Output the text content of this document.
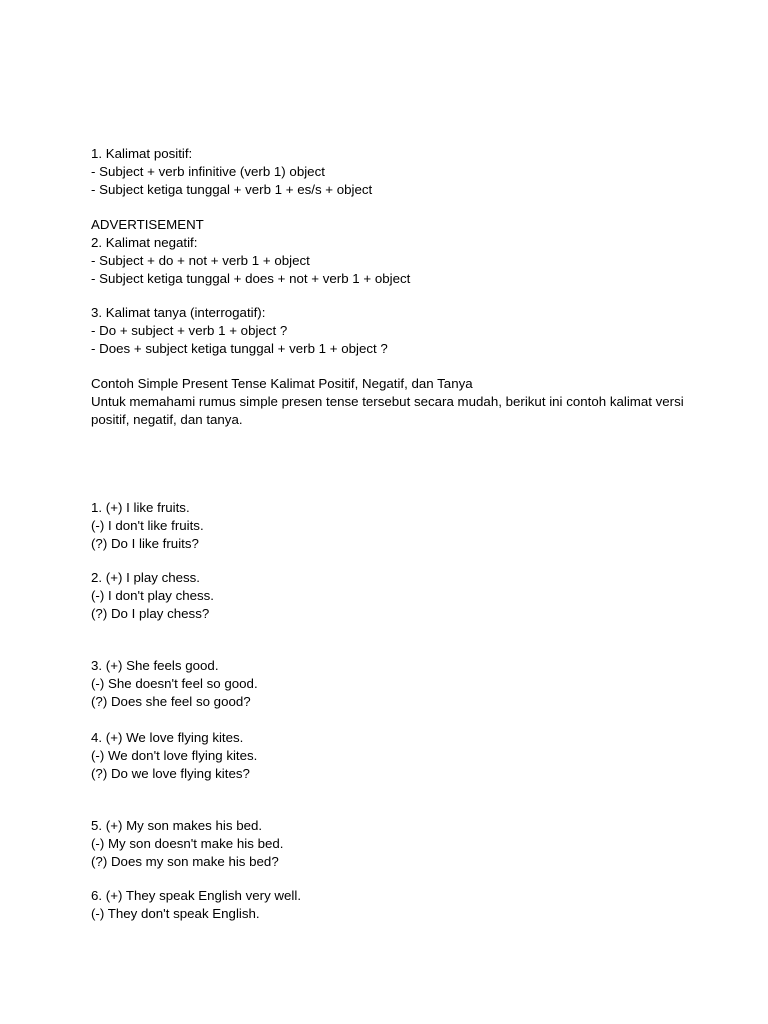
1. Kalimat positif:
- Subject + verb infinitive (verb 1) object
- Subject ketiga tunggal + verb 1 + es/s + object
ADVERTISEMENT
2. Kalimat negatif:
- Subject + do + not + verb 1 + object
- Subject ketiga tunggal + does + not + verb 1 + object
3. Kalimat tanya (interrogatif):
- Do + subject + verb 1 + object ?
- Does + subject ketiga tunggal + verb 1 + object ?
Contoh Simple Present Tense Kalimat Positif, Negatif, dan Tanya
Untuk memahami rumus simple presen tense tersebut secara mudah, berikut ini contoh kalimat versi positif, negatif, dan tanya.
1. (+) I like fruits.
(-) I don't like fruits.
(?) Do I like fruits?
2. (+) I play chess.
(-) I don't play chess.
(?) Do I play chess?
3. (+) She feels good.
(-) She doesn't feel so good.
(?) Does she feel so good?
4. (+) We love flying kites.
(-) We don't love flying kites.
(?) Do we love flying kites?
5. (+) My son makes his bed.
(-) My son doesn't make his bed.
(?) Does my son make his bed?
6. (+) They speak English very well.
(-) They don't speak English.
